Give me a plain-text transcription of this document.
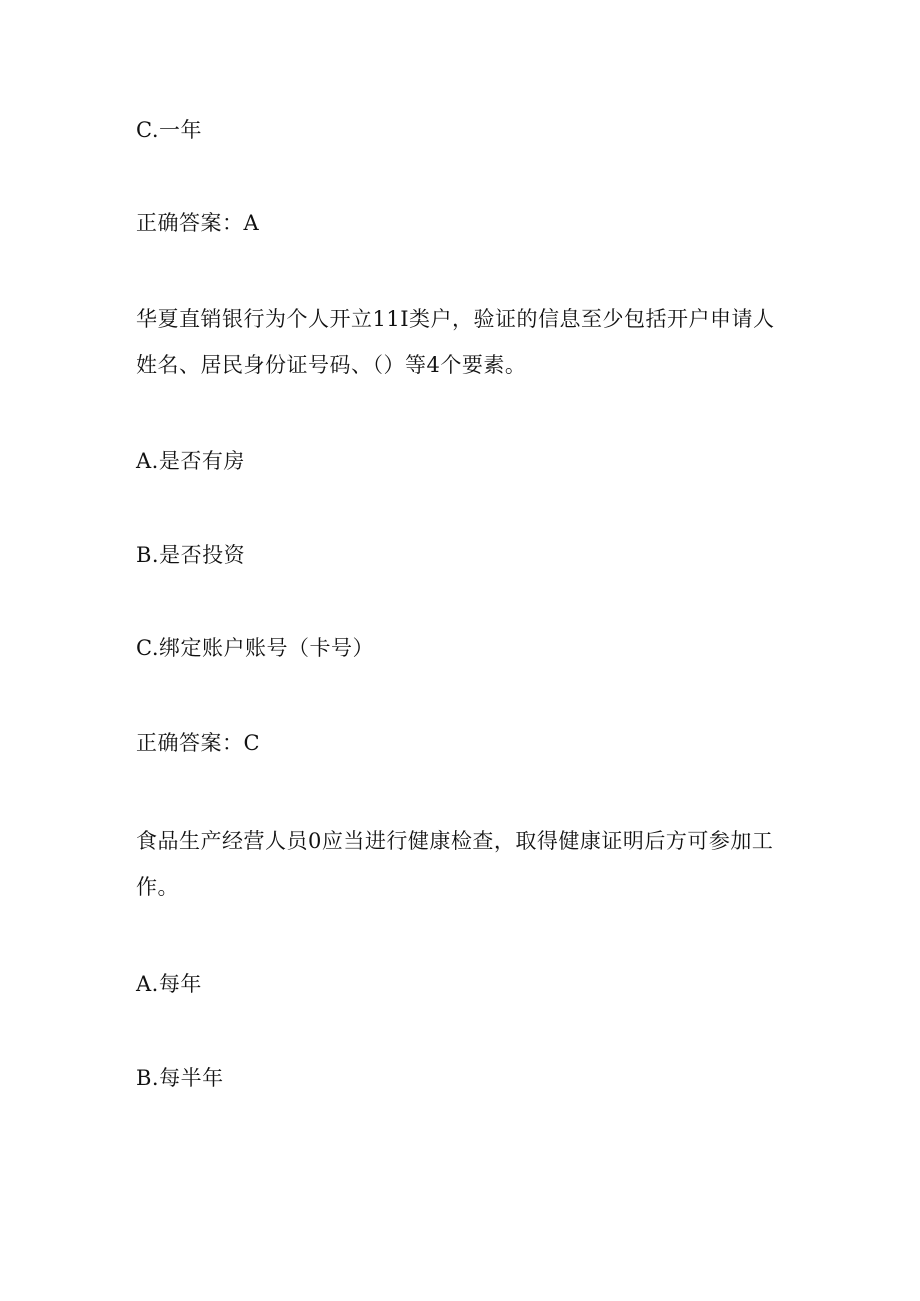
C.一年
正确答案：A
华夏直销银行为个人开立11I类户，验证的信息至少包括开户申请人姓名、居民身份证号码、（）等4个要素。
A.是否有房
B.是否投资
C.绑定账户账号（卡号）
正确答案：C
食品生产经营人员0应当进行健康检查，取得健康证明后方可参加工作。
A.每年
B.每半年
